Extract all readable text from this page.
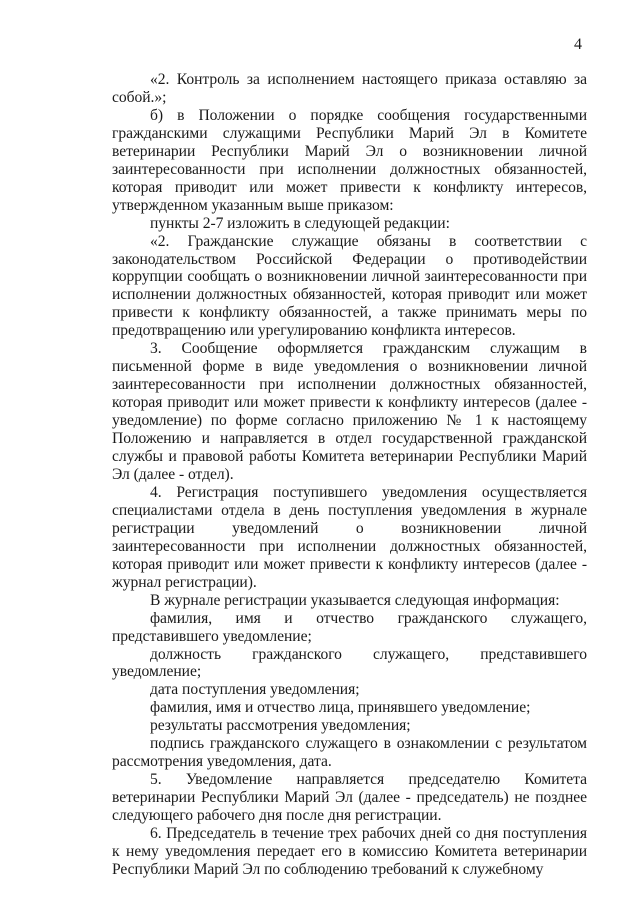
4

«2. Контроль за исполнением настоящего приказа оставляю за собой.»;

б) в Положении о порядке сообщения государственными гражданскими служащими Республики Марий Эл в Комитете ветеринарии Республики Марий Эл о возникновении личной заинтересованности при исполнении должностных обязанностей, которая приводит или может привести к конфликту интересов, утвержденном указанным выше приказом:

пункты 2-7 изложить в следующей редакции:

«2. Гражданские служащие обязаны в соответствии с законодательством Российской Федерации о противодействии коррупции сообщать о возникновении личной заинтересованности при исполнении должностных обязанностей, которая приводит или может привести к конфликту обязанностей, а также принимать меры по предотвращению или урегулированию конфликта интересов.

3. Сообщение оформляется гражданским служащим в письменной форме в виде уведомления о возникновении личной заинтересованности при исполнении должностных обязанностей, которая приводит или может привести к конфликту интересов (далее - уведомление) по форме согласно приложению № 1 к настоящему Положению и направляется в отдел государственной гражданской службы и правовой работы Комитета ветеринарии Республики Марий Эл (далее - отдел).

4. Регистрация поступившего уведомления осуществляется специалистами отдела в день поступления уведомления в журнале регистрации уведомлений о возникновении личной заинтересованности при исполнении должностных обязанностей, которая приводит или может привести к конфликту интересов (далее - журнал регистрации).

В журнале регистрации указывается следующая информация:

фамилия, имя и отчество гражданского служащего, представившего уведомление;

должность гражданского служащего, представившего уведомление;

дата поступления уведомления;

фамилия, имя и отчество лица, принявшего уведомление;

результаты рассмотрения уведомления;

подпись гражданского служащего в ознакомлении с результатом рассмотрения уведомления, дата.

5. Уведомление направляется председателю Комитета ветеринарии Республики Марий Эл (далее - председатель) не позднее следующего рабочего дня после дня регистрации.

6. Председатель в течение трех рабочих дней со дня поступления к нему уведомления передает его в комиссию Комитета ветеринарии Республики Марий Эл по соблюдению требований к служебному
